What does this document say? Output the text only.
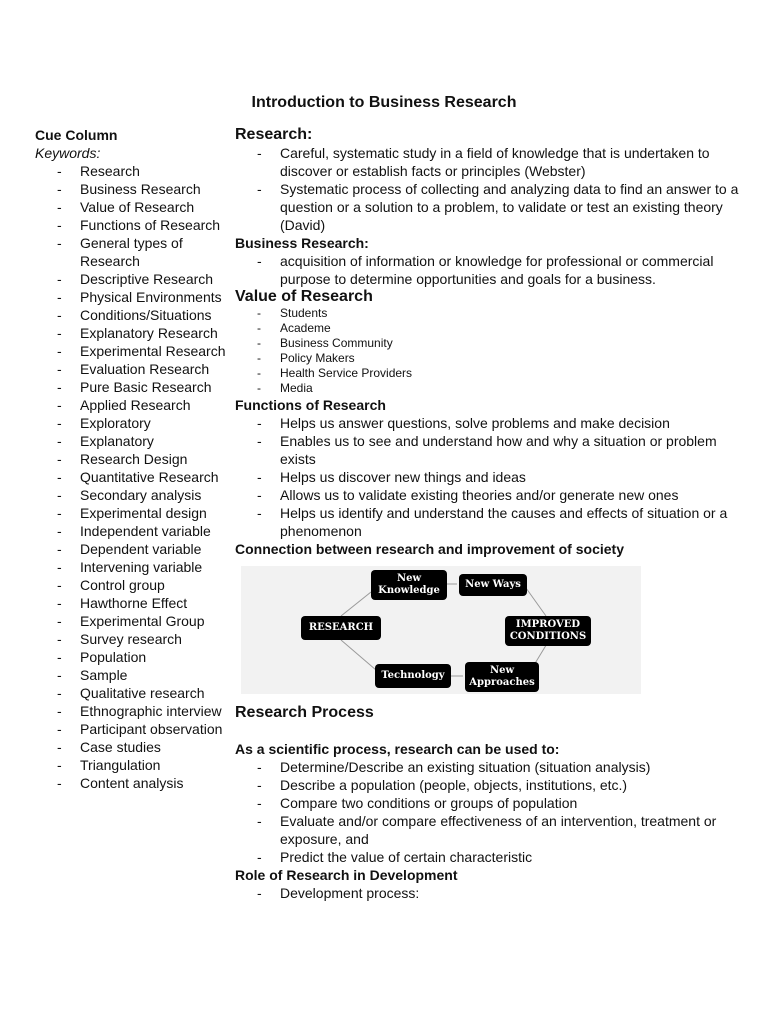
Introduction to Business Research
Cue Column
Keywords:
- Research
- Business Research
- Value of Research
- Functions of Research
- General types of Research
- Descriptive Research
- Physical Environments
- Conditions/Situations
- Explanatory Research
- Experimental Research
- Evaluation Research
- Pure Basic Research
- Applied Research
- Exploratory
- Explanatory
- Research Design
- Quantitative Research
- Secondary analysis
- Experimental design
- Independent variable
- Dependent variable
- Intervening variable
- Control group
- Hawthorne Effect
- Experimental Group
- Survey research
- Population
- Sample
- Qualitative research
- Ethnographic interview
- Participant observation
- Case studies
- Triangulation
- Content analysis
Research:
- Careful, systematic study in a field of knowledge that is undertaken to discover or establish facts or principles (Webster)
- Systematic process of collecting and analyzing data to find an answer to a question or a solution to a problem, to validate or test an existing theory (David)
Business Research:
- acquisition of information or knowledge for professional or commercial purpose to determine opportunities and goals for a business.
Value of Research
- Students
- Academe
- Business Community
- Policy Makers
- Health Service Providers
- Media
Functions of Research
- Helps us answer questions, solve problems and make decision
- Enables us to see and understand how and why a situation or problem exists
- Helps us discover new things and ideas
- Allows us to validate existing theories and/or generate new ones
- Helps us identify and understand the causes and effects of situation or a phenomenon
Connection between research and improvement of society
New Knowledge
New Ways
RESEARCH	IMPROVED CONDITIONS
Technology	New Approaches
Research Process
As a scientific process, research can be used to:
- Determine/Describe an existing situation (situation analysis)
- Describe a population (people, objects, institutions, etc.)
- Compare two conditions or groups of population
- Evaluate and/or compare effectiveness of an intervention, treatment or exposure, and
- Predict the value of certain characteristic
Role of Research in Development
- Development process:
